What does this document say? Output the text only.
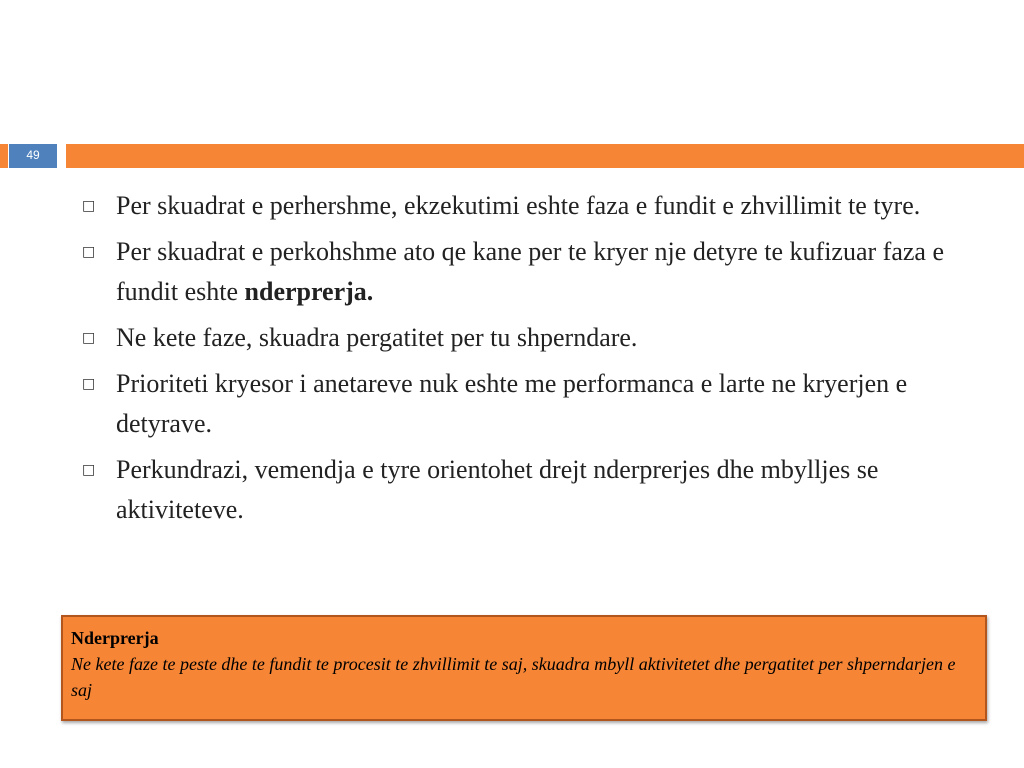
49
□ Per skuadrat e perhershme, ekzekutimi eshte faza e fundit e zhvillimit te tyre.
□ Per skuadrat e perkohshme ato qe kane per te kryer nje detyre te kufizuar faza e fundit eshte nderprerja.
□ Ne kete faze, skuadra pergatitet per tu shperndare.
□ Prioriteti kryesor i anetareve nuk eshte me performanca e larte ne kryerjen e detyrave.
□ Perkundrazi, vemendja e tyre orientohet drejt nderprerjes dhe mbylljes se aktiviteteve.
Nderprerja
Ne kete faze te peste dhe te fundit te procesit te zhvillimit te saj, skuadra mbyll aktivitetet dhe pergatitet per shperndarjen e saj
